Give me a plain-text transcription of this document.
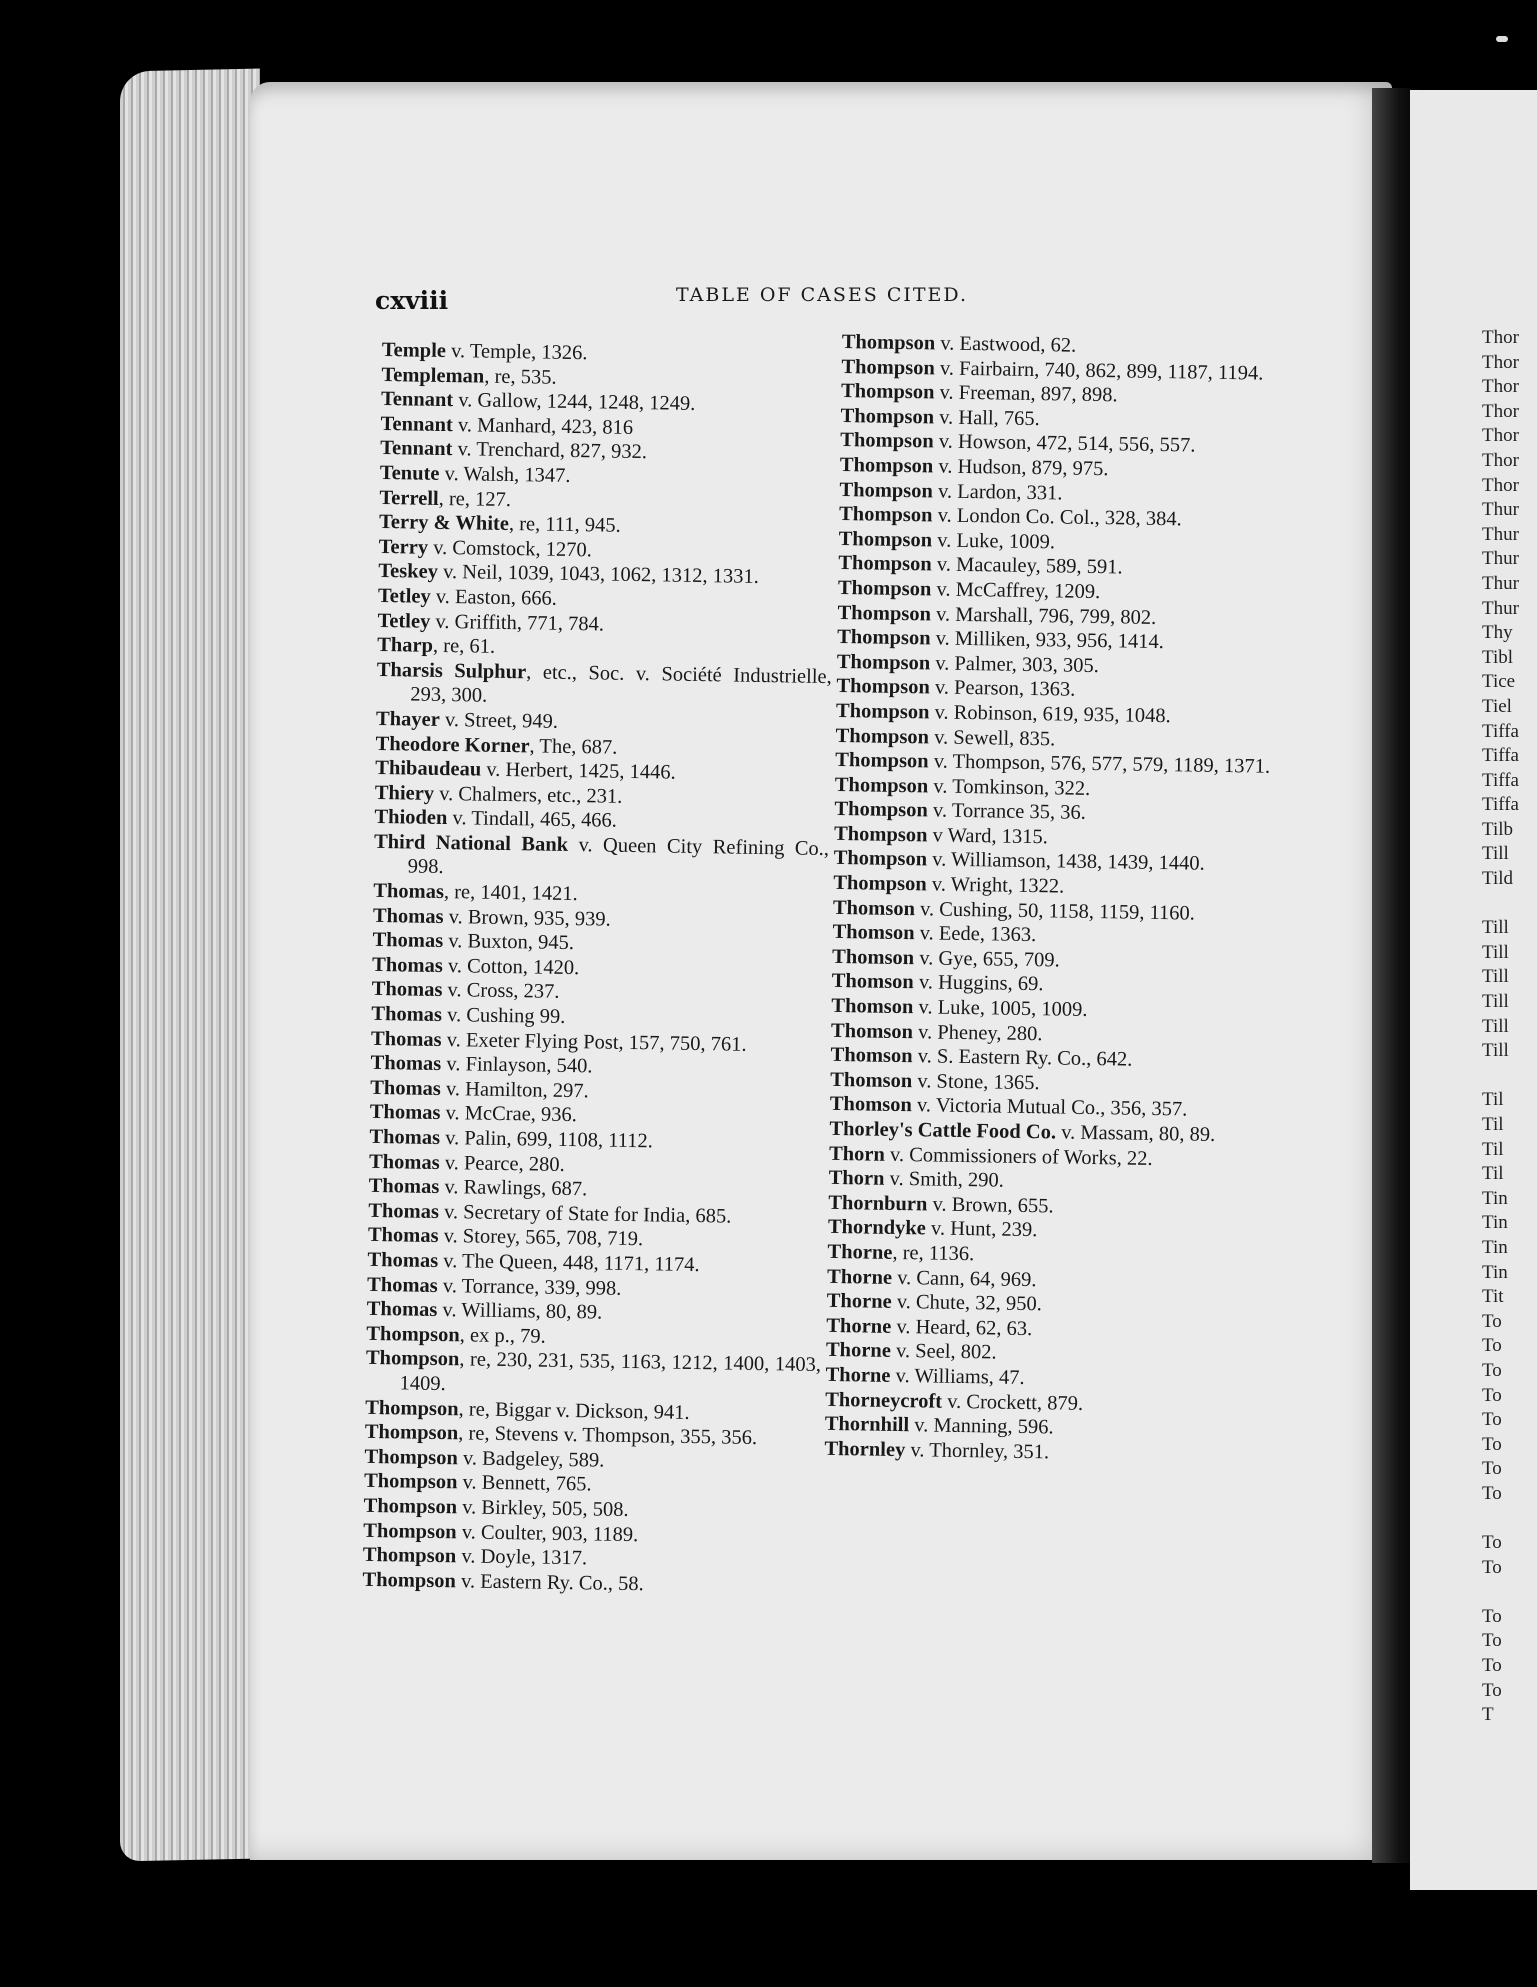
cxviii	TABLE OF CASES CITED.
Temple v. Temple, 1326.
Templeman, re, 535.
Tennant v. Gallow, 1244, 1248, 1249.
Tennant v. Manhard, 423, 816
Tennant v. Trenchard, 827, 932.
Tenute v. Walsh, 1347.
Terrell, re, 127.
Terry & White, re, 111, 945.
Terry v. Comstock, 1270.
Teskey v. Neil, 1039, 1043, 1062, 1312, 1331.
Tetley v. Easton, 666.
Tetley v. Griffith, 771, 784.
Tharp, re, 61.
Tharsis Sulphur, etc., Soc. v. Société Industrielle, 293, 300.
Thayer v. Street, 949.
Theodore Korner, The, 687.
Thibaudeau v. Herbert, 1425, 1446.
Thiery v. Chalmers, etc., 231.
Thioden v. Tindall, 465, 466.
Third National Bank v. Queen City Refining Co., 998.
Thomas, re, 1401, 1421.
Thomas v. Brown, 935, 939.
Thomas v. Buxton, 945.
Thomas v. Cotton, 1420.
Thomas v. Cross, 237.
Thomas v. Cushing 99.
Thomas v. Exeter Flying Post, 157, 750, 761.
Thomas v. Finlayson, 540.
Thomas v. Hamilton, 297.
Thomas v. McCrae, 936.
Thomas v. Palin, 699, 1108, 1112.
Thomas v. Pearce, 280.
Thomas v. Rawlings, 687.
Thomas v. Secretary of State for India, 685.
Thomas v. Storey, 565, 708, 719.
Thomas v. The Queen, 448, 1171, 1174.
Thomas v. Torrance, 339, 998.
Thomas v. Williams, 80, 89.
Thompson, ex p., 79.
Thompson, re, 230, 231, 535, 1163, 1212, 1400, 1403, 1409.
Thompson, re, Biggar v. Dickson, 941.
Thompson, re, Stevens v. Thompson, 355, 356.
Thompson v. Badgeley, 589.
Thompson v. Bennett, 765.
Thompson v. Birkley, 505, 508.
Thompson v. Coulter, 903, 1189.
Thompson v. Doyle, 1317.
Thompson v. Eastern Ry. Co., 58.
Thompson v. Eastwood, 62.
Thompson v. Fairbairn, 740, 862, 899, 1187, 1194.
Thompson v. Freeman, 897, 898.
Thompson v. Hall, 765.
Thompson v. Howson, 472, 514, 556, 557.
Thompson v. Hudson, 879, 975.
Thompson v. Lardon, 331.
Thompson v. London Co. Col., 328, 384.
Thompson v. Luke, 1009.
Thompson v. Macauley, 589, 591.
Thompson v. McCaffrey, 1209.
Thompson v. Marshall, 796, 799, 802.
Thompson v. Milliken, 933, 956, 1414.
Thompson v. Palmer, 303, 305.
Thompson v. Pearson, 1363.
Thompson v. Robinson, 619, 935, 1048.
Thompson v. Sewell, 835.
Thompson v. Thompson, 576, 577, 579, 1189, 1371.
Thompson v. Tomkinson, 322.
Thompson v. Torrance 35, 36.
Thompson v Ward, 1315.
Thompson v. Williamson, 1438, 1439, 1440.
Thompson v. Wright, 1322.
Thomson v. Cushing, 50, 1158, 1159, 1160.
Thomson v. Eede, 1363.
Thomson v. Gye, 655, 709.
Thomson v. Huggins, 69.
Thomson v. Luke, 1005, 1009.
Thomson v. Pheney, 280.
Thomson v. S. Eastern Ry. Co., 642.
Thomson v. Stone, 1365.
Thomson v. Victoria Mutual Co., 356, 357.
Thorley's Cattle Food Co. v. Massam, 80, 89.
Thorn v. Commissioners of Works, 22.
Thorn v. Smith, 290.
Thornburn v. Brown, 655.
Thorndyke v. Hunt, 239.
Thorne, re, 1136.
Thorne v. Cann, 64, 969.
Thorne v. Chute, 32, 950.
Thorne v. Heard, 62, 63.
Thorne v. Seel, 802.
Thorne v. Williams, 47.
Thorneycroft v. Crockett, 879.
Thornhill v. Manning, 596.
Thornley v. Thornley, 351.
Thor
Thor
Thor
Thor
Thor
Thor
Thor
Thur
Thur
Thur
Thur
Thur
Thy
Tibl
Tice
Tiel
Tiffa
Tiffa
Tiffa
Tiffa
Tilb
Till
Tild
Till
Till
Till
Till
Till
Till
Til
Til
Til
Til
Tin
Tin
Tin
Tin
Tit
To
To
To
To
To
To
To
To
To
To
To
To
To
To
T
